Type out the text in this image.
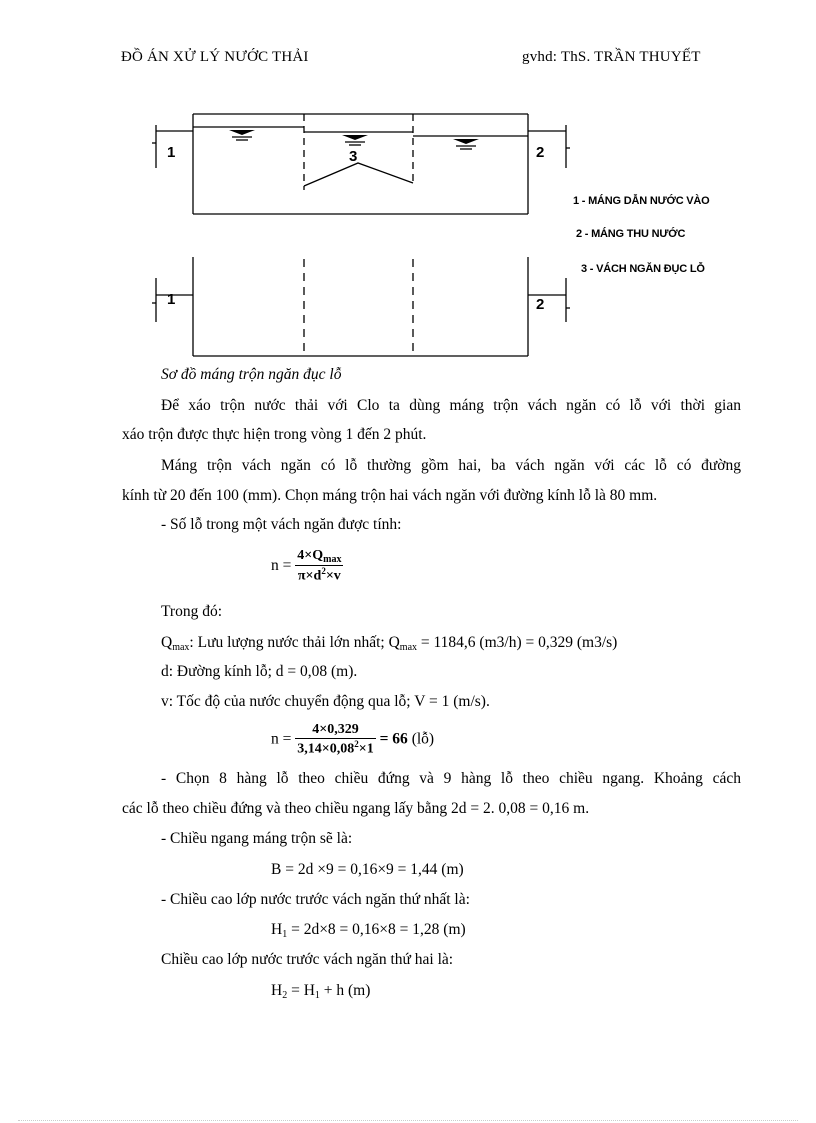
ĐỒ ÁN XỬ LÝ NƯỚC THẢI	gvhd: ThS. TRẦN THUYẾT
1	2
3
1	2
1 - MÁNG DẪN NƯỚC VÀO
2 - MÁNG THU NƯỚC
3 - VÁCH NGĂN ĐỤC LỖ
Sơ đồ máng trộn ngăn đục lỗ
Để xáo trộn nước thải với Clo ta dùng máng trộn vách ngăn có lỗ với thời gian
xáo trộn được thực hiện trong vòng 1 đến 2 phút.
Máng trộn vách ngăn có lỗ thường gồm hai, ba vách ngăn với các lỗ có đường
kính từ 20 đến 100 (mm). Chọn máng trộn hai vách ngăn với đường kính lỗ là 80 mm.
- Số lỗ trong một vách ngăn được tính:
$n = \frac{4\times Q_{max}}{\pi\times d^2\times v}$
Trong đó:
$Q_{max}$: Lưu lượng nước thải lớn nhất; $Q_{max} = 1184,6$ (m3/h) = 0,329 (m3/s)
d: Đường kính lỗ; d = 0,08 (m).
v: Tốc độ của nước chuyển động qua lỗ; V = 1 (m/s).
$n = \frac{4\times 0,329}{3,14\times 0,08^2\times 1} = 66$ (lỗ)
- Chọn 8 hàng lỗ theo chiều đứng và 9 hàng lỗ theo chiều ngang. Khoảng cách
các lỗ theo chiều đứng và theo chiều ngang lấy bằng 2d = 2. 0,08 = 0,16 m.
- Chiều ngang máng trộn sẽ là:
B = 2d ×9 = 0,16×9 = 1,44 (m)
- Chiều cao lớp nước trước vách ngăn thứ nhất là:
$H_1 = 2d\times 8 = 0,16\times 8 = 1,28$ (m)
Chiều cao lớp nước trước vách ngăn thứ hai là:
$H_2 = H_1 + h$ (m)
